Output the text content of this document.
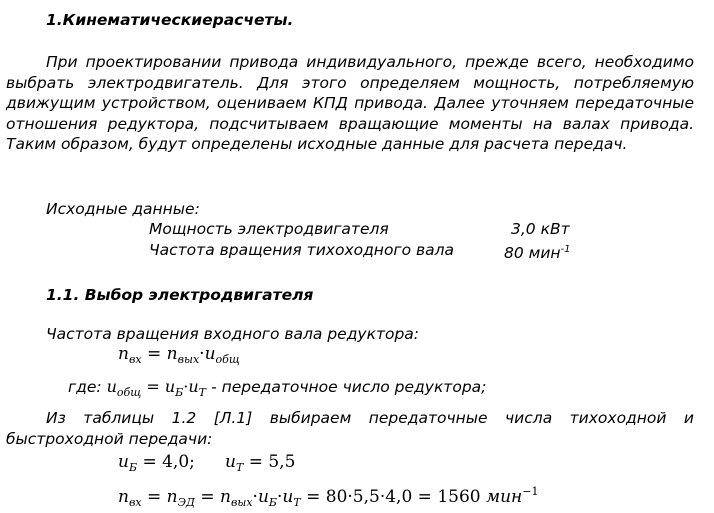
1.Кинематическиерасчеты.
При проектировании привода индивидуального, прежде всего, необходимо выбрать электродвигатель. Для этого определяем мощность, потребляемую движущим устройством, оцениваем КПД привода. Далее уточняем передаточные отношения редуктора, подсчитываем вращающие моменты на валах привода. Таким образом, будут определены исходные данные для расчета передач.
Исходные данные:
Мощность электродвигателя	3,0 кВт
Частота вращения тихоходного вала	80 мин$^{-1}$
1.1. Выбор электродвигателя
Частота вращения входного вала редуктора:
$n_{вх} = n_{вых}\cdot u_{общ}$
где: $u_{общ} = u_Б\cdot u_Т$ - передаточное число редуктора;
Из таблицы 1.2 [Л.1] выбираем передаточные числа тихоходной и быстроходной передачи:
$u_Б = 4,0$; $u_Т = 5,5$
$n_{вх} = n_{ЭД} = n_{вых}\cdot u_Б\cdot u_Т = 80\cdot 5,5\cdot 4,0 = 1560$ мин$^{-1}$
